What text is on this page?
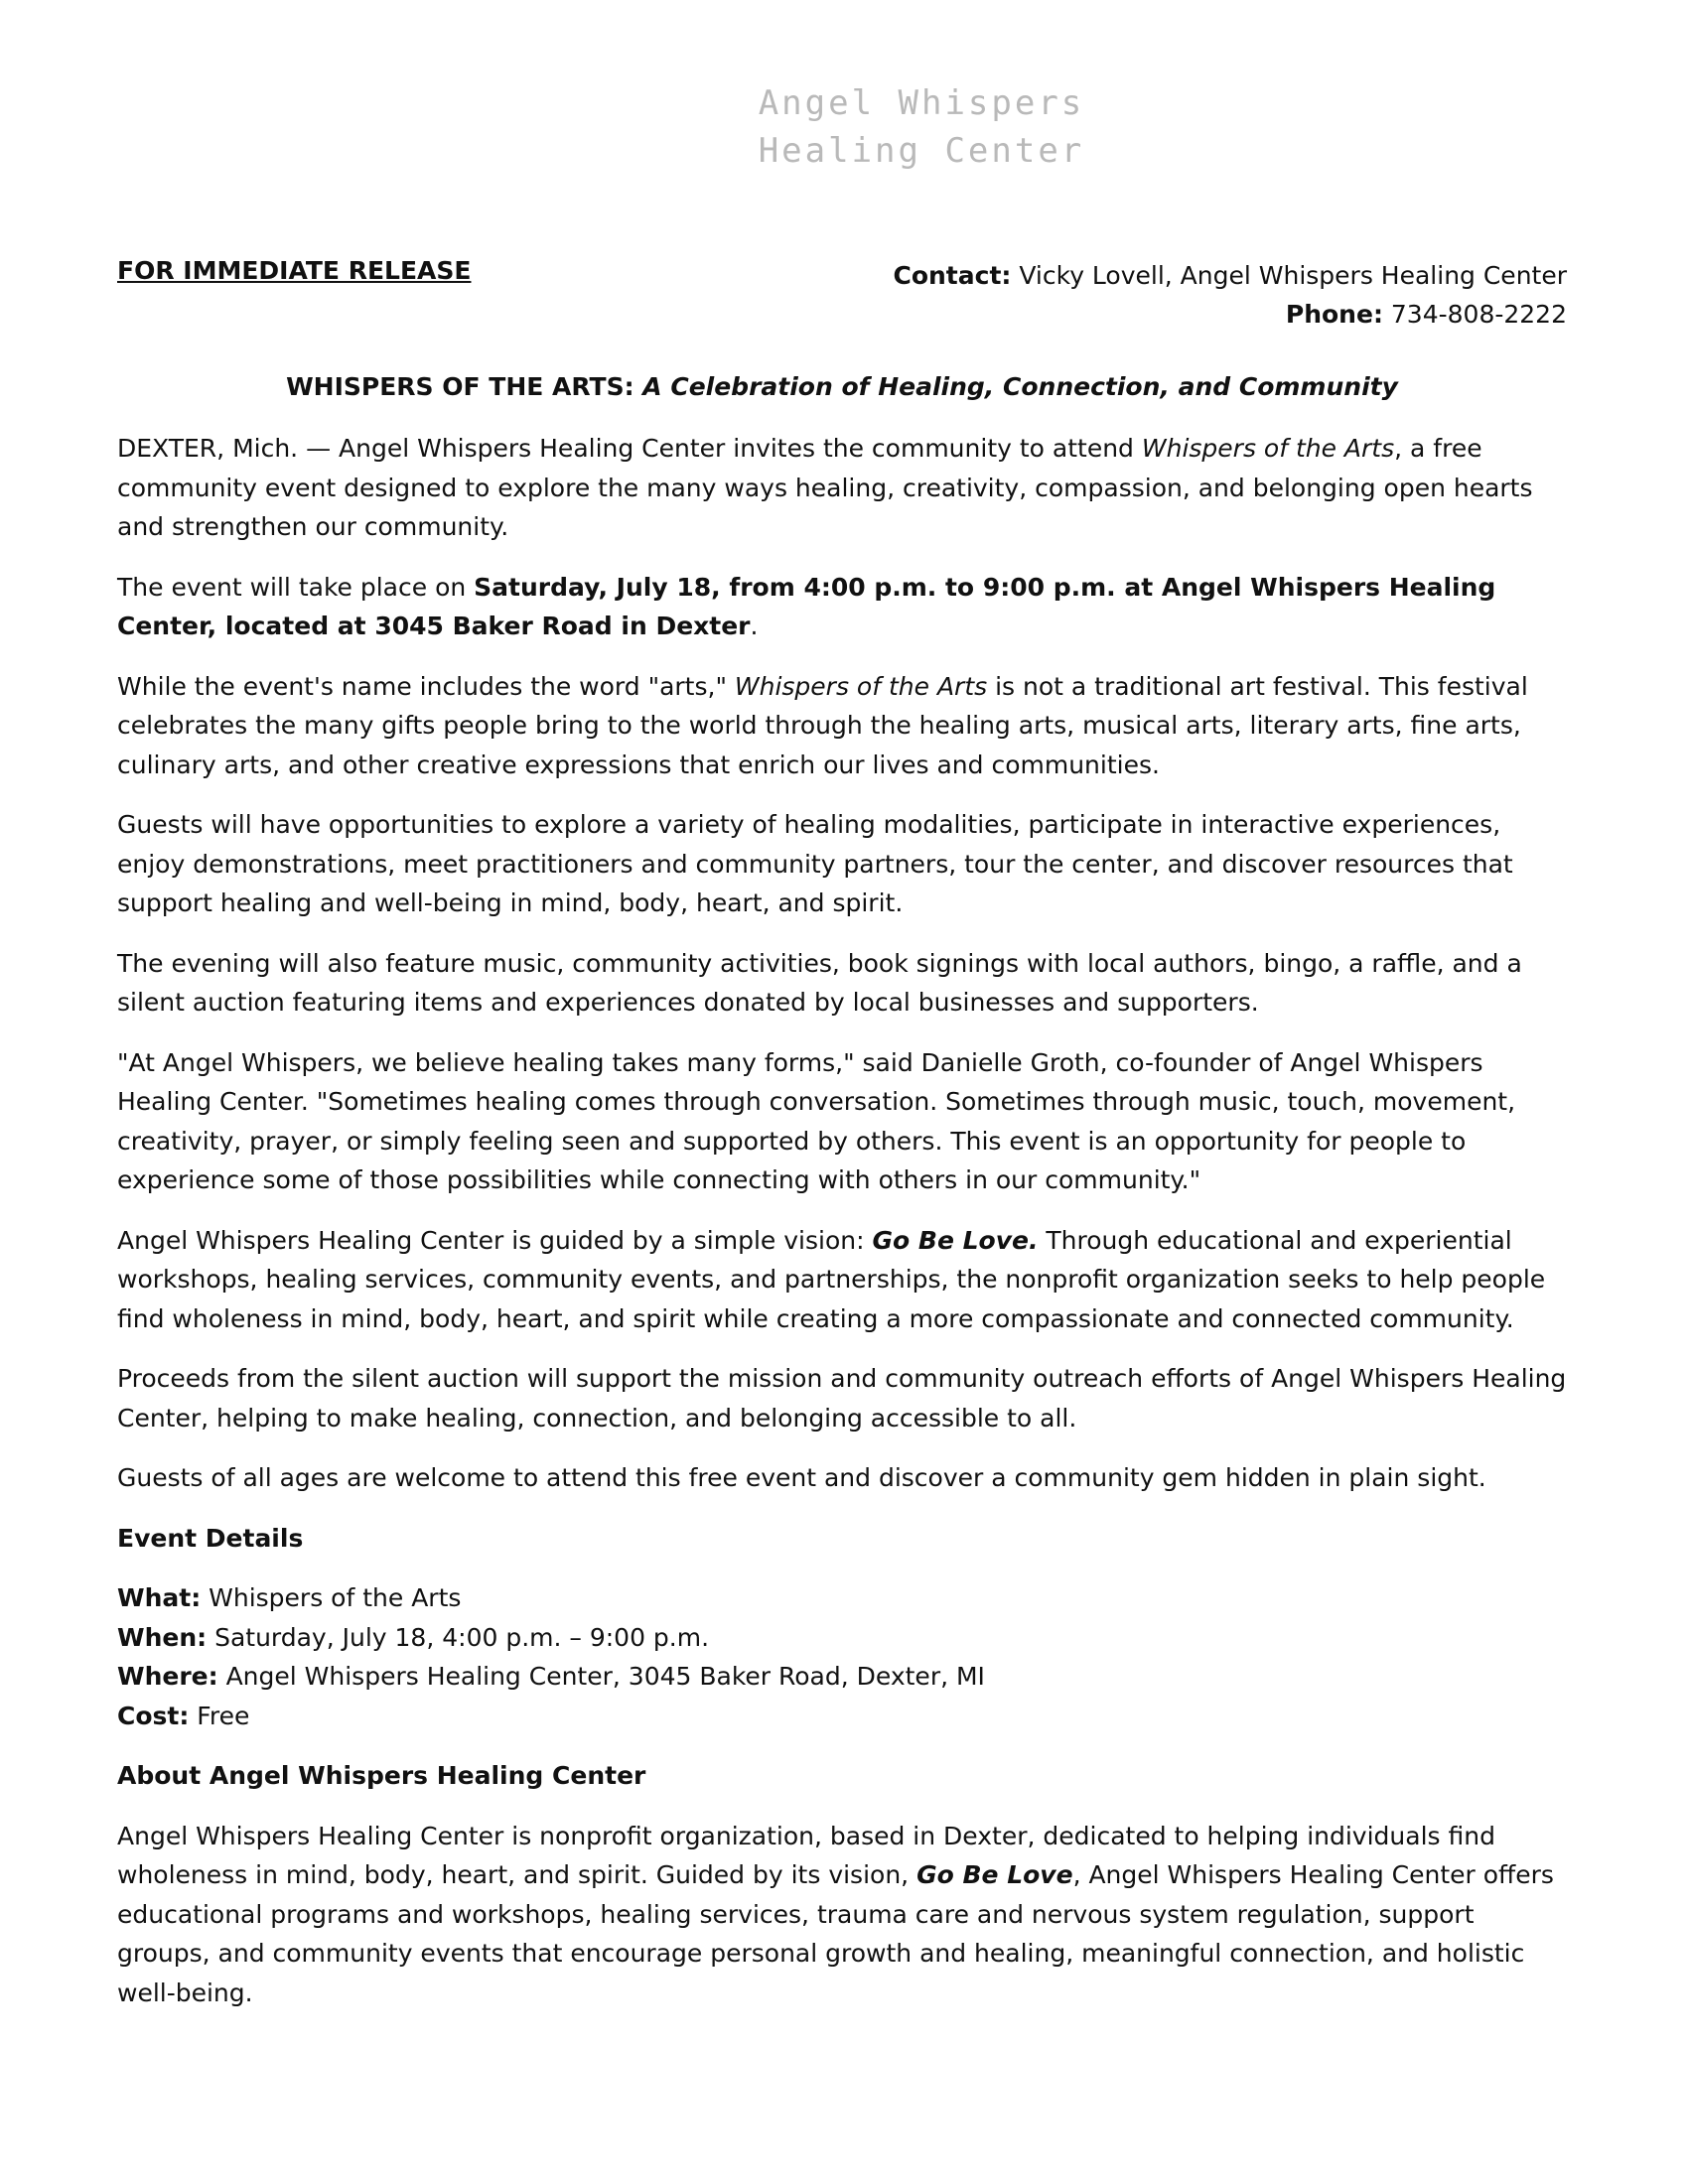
Angel Whispers
Healing Center
FOR IMMEDIATE RELEASE	Contact: Vicky Lovell, Angel Whispers Healing Center
Phone: 734-808-2222
WHISPERS OF THE ARTS: A Celebration of Healing, Connection, and Community

DEXTER, Mich. — Angel Whispers Healing Center invites the community to attend Whispers of the Arts, a free community event designed to explore the many ways healing, creativity, compassion, and belonging open hearts and strengthen our community.

The event will take place on Saturday, July 18, from 4:00 p.m. to 9:00 p.m. at Angel Whispers Healing Center, located at 3045 Baker Road in Dexter.

While the event's name includes the word "arts," Whispers of the Arts is not a traditional art festival. This festival celebrates the many gifts people bring to the world through the healing arts, musical arts, literary arts, fine arts, culinary arts, and other creative expressions that enrich our lives and communities.

Guests will have opportunities to explore a variety of healing modalities, participate in interactive experiences, enjoy demonstrations, meet practitioners and community partners, tour the center, and discover resources that support healing and well-being in mind, body, heart, and spirit.

The evening will also feature music, community activities, book signings with local authors, bingo, a raffle, and a silent auction featuring items and experiences donated by local businesses and supporters.

"At Angel Whispers, we believe healing takes many forms," said Danielle Groth, co-founder of Angel Whispers Healing Center. "Sometimes healing comes through conversation. Sometimes through music, touch, movement, creativity, prayer, or simply feeling seen and supported by others. This event is an opportunity for people to experience some of those possibilities while connecting with others in our community."

Angel Whispers Healing Center is guided by a simple vision: Go Be Love. Through educational and experiential workshops, healing services, community events, and partnerships, the nonprofit organization seeks to help people find wholeness in mind, body, heart, and spirit while creating a more compassionate and connected community.

Proceeds from the silent auction will support the mission and community outreach efforts of Angel Whispers Healing Center, helping to make healing, connection, and belonging accessible to all.

Guests of all ages are welcome to attend this free event and discover a community gem hidden in plain sight.

Event Details
What: Whispers of the Arts
When: Saturday, July 18, 4:00 p.m. – 9:00 p.m.
Where: Angel Whispers Healing Center, 3045 Baker Road, Dexter, MI
Cost: Free
About Angel Whispers Healing Center

Angel Whispers Healing Center is nonprofit organization, based in Dexter, dedicated to helping individuals find wholeness in mind, body, heart, and spirit. Guided by its vision, Go Be Love, Angel Whispers Healing Center offers educational programs and workshops, healing services, trauma care and nervous system regulation, support groups, and community events that encourage personal growth and healing, meaningful connection, and holistic well-being.
